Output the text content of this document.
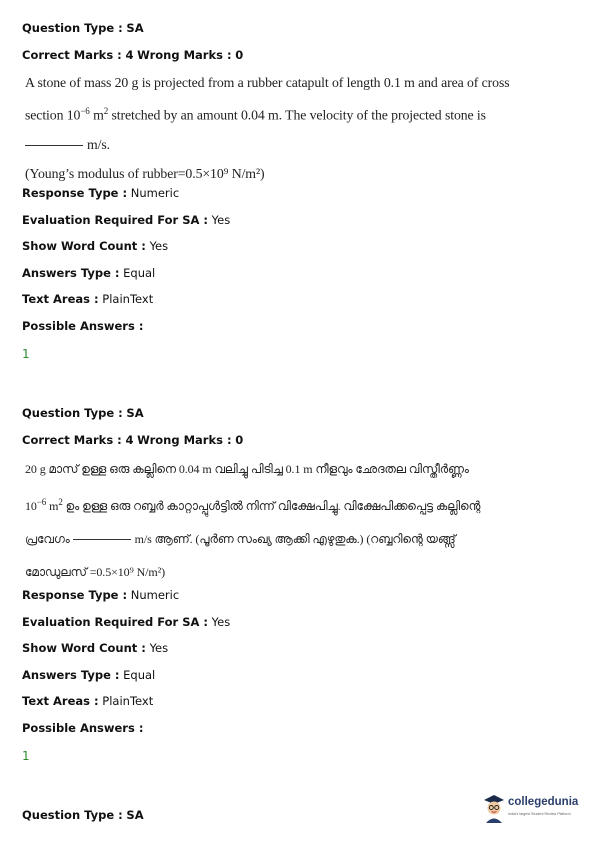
Question Type : SA
Correct Marks : 4 Wrong Marks : 0
A stone of mass 20 g is projected from a rubber catapult of length 0.1 m and area of cross
section $10^{-6}$ $m^2$ stretched by an amount 0.04 m. The velocity of the projected stone is
m/s.
(Young’s modulus of rubber=0.5×10⁹ N/m²)
Response Type : Numeric
Evaluation Required For SA : Yes
Show Word Count : Yes
Answers Type : Equal
Text Areas : PlainText
Possible Answers :
1
Question Type : SA
Correct Marks : 4 Wrong Marks : 0
20 g മാസ് ഉള്ള ഒരു കല്ലിനെ 0.04 m വലിച്ചു പിടിച്ച 0.1 m നീളവും ഛേദതല വിസ്തീർണ്ണം
$10^{-6}$ $m^2$ ഉം ഉള്ള ഒരു റബ്ബർ കാറ്റാപ്പുൾട്ടിൽ നിന്ന് വിക്ഷേപിച്ചു. വിക്ഷേപിക്കപ്പെട്ട കല്ലിന്റെ
പ്രവേഗം	m/s ആണ്. (പൂർണ സംഖ്യ ആക്കി എഴുതുക.) (റബ്ബറിന്റെ യങ്ങ്സ്
മോഡുലസ് =0.5×10⁹ N/m²)
Response Type : Numeric
Evaluation Required For SA : Yes
Show Word Count : Yes
Answers Type : Equal
Text Areas : PlainText
Possible Answers :
1
Question Type : SA
collegedunia
India's largest Student Review Platform
